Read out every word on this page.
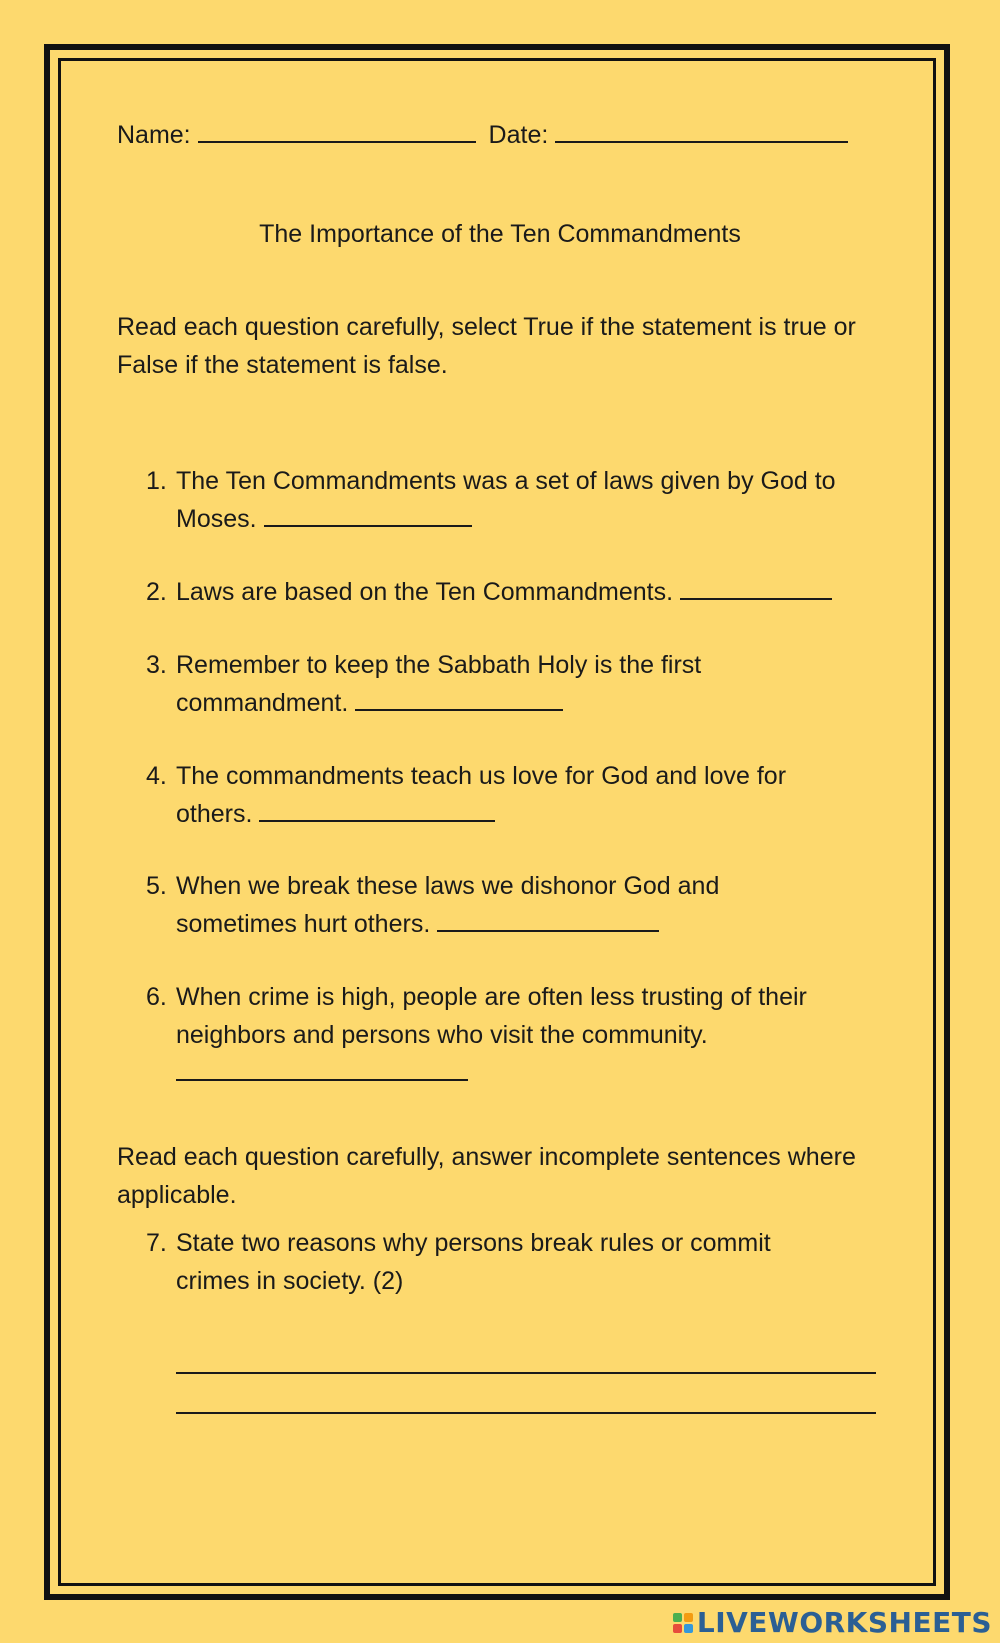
Name:	Date:
The Importance of the Ten Commandments
Read each question carefully, select True if the statement is true or False if the statement is false.
1. The Ten Commandments was a set of laws given by God to
Moses.
2. Laws are based on the Ten Commandments.
3. Remember to keep the Sabbath Holy is the first
commandment.
4. The commandments teach us love for God and love for
others.
5. When we break these laws we dishonor God and
sometimes hurt others.
6. When crime is high, people are often less trusting of their
neighbors and persons who visit the community.
Read each question carefully, answer incomplete sentences where applicable.
7. State two reasons why persons break rules or commit
crimes in society. (2)
LIVEWORKSHEETS
